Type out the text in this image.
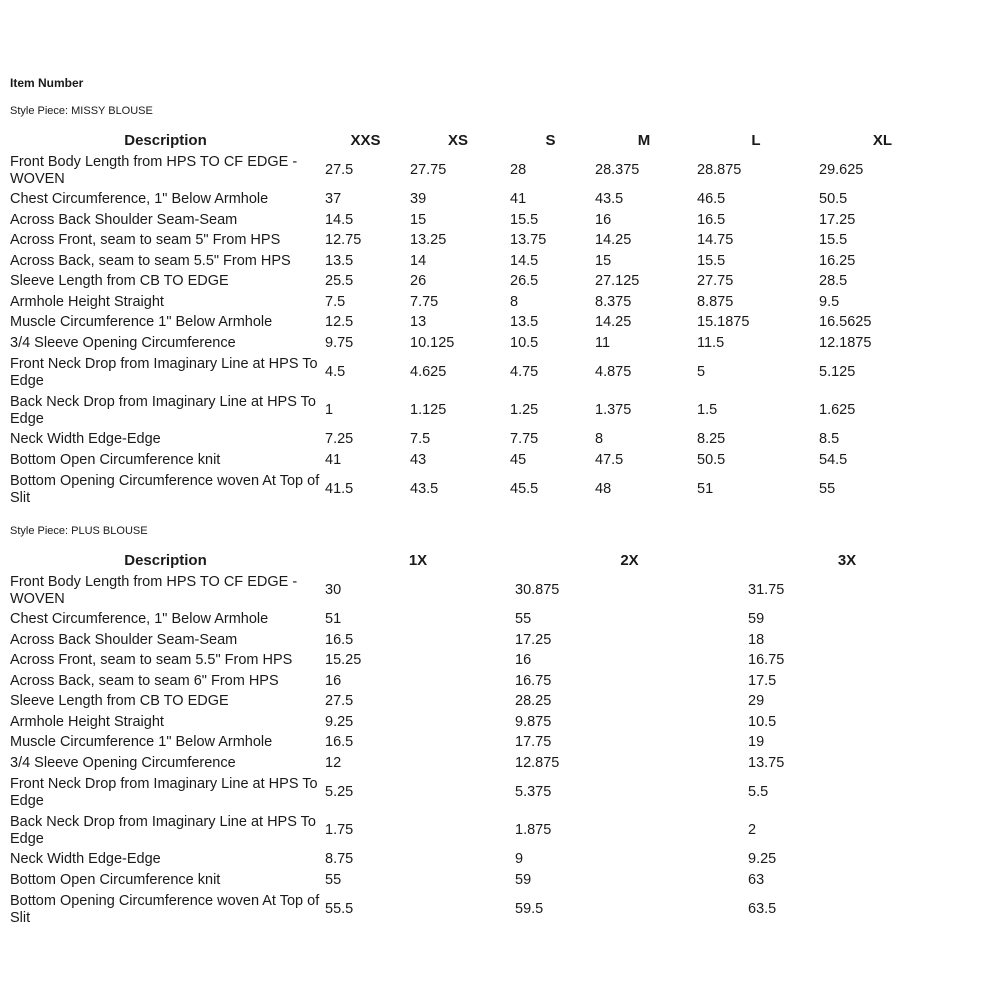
Item Number
Style Piece: MISSY BLOUSE
Description	XXS	XS	S	M	L	XL
Front Body Length from HPS TO CF EDGE - WOVEN	27.5	27.75	28	28.375	28.875	29.625
Chest Circumference, 1" Below Armhole	37	39	41	43.5	46.5	50.5
Across Back Shoulder Seam-Seam	14.5	15	15.5	16	16.5	17.25
Across Front, seam to seam 5" From HPS	12.75	13.25	13.75	14.25	14.75	15.5
Across Back, seam to seam 5.5" From HPS	13.5	14	14.5	15	15.5	16.25
Sleeve Length from CB TO EDGE	25.5	26	26.5	27.125	27.75	28.5
Armhole Height Straight	7.5	7.75	8	8.375	8.875	9.5
Muscle Circumference 1" Below Armhole	12.5	13	13.5	14.25	15.1875	16.5625
3/4 Sleeve Opening Circumference	9.75	10.125	10.5	11	11.5	12.1875
Front Neck Drop from Imaginary Line at HPS To Edge	4.5	4.625	4.75	4.875	5	5.125
Back Neck Drop from Imaginary Line at HPS To Edge	1	1.125	1.25	1.375	1.5	1.625
Neck Width Edge-Edge	7.25	7.5	7.75	8	8.25	8.5
Bottom Open Circumference knit	41	43	45	47.5	50.5	54.5
Bottom Opening Circumference woven At Top of Slit	41.5	43.5	45.5	48	51	55
Style Piece: PLUS BLOUSE
Description	1X	2X	3X
Front Body Length from HPS TO CF EDGE - WOVEN	30	30.875	31.75
Chest Circumference, 1" Below Armhole	51	55	59
Across Back Shoulder Seam-Seam	16.5	17.25	18
Across Front, seam to seam 5.5" From HPS	15.25	16	16.75
Across Back, seam to seam 6" From HPS	16	16.75	17.5
Sleeve Length from CB TO EDGE	27.5	28.25	29
Armhole Height Straight	9.25	9.875	10.5
Muscle Circumference 1" Below Armhole	16.5	17.75	19
3/4 Sleeve Opening Circumference	12	12.875	13.75
Front Neck Drop from Imaginary Line at HPS To Edge	5.25	5.375	5.5
Back Neck Drop from Imaginary Line at HPS To Edge	1.75	1.875	2
Neck Width Edge-Edge	8.75	9	9.25
Bottom Open Circumference knit	55	59	63
Bottom Opening Circumference woven At Top of Slit	55.5	59.5	63.5
